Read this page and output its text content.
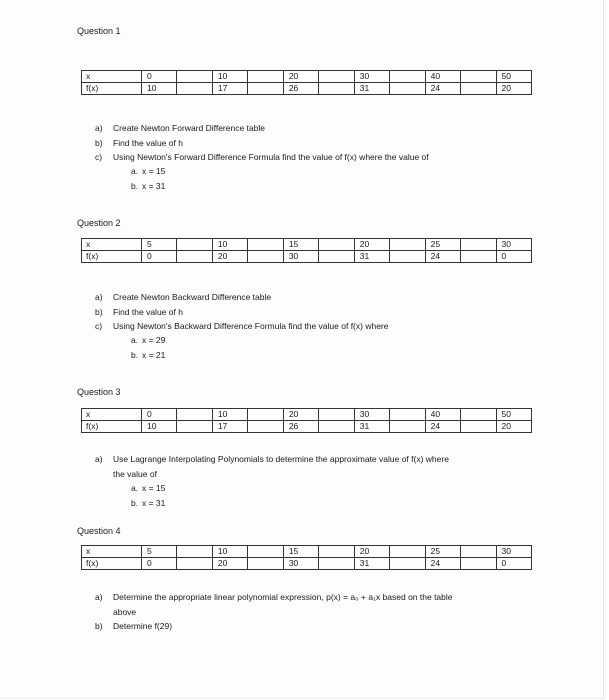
Question 1
x	0		10		20		30		40		50
f(x)	10		17		26		31		24		20
a) Create Newton Forward Difference table
b) Find the value of h
c) Using Newton's Forward Difference Formula find the value of f(x) where the value of
a. x = 15
b. x = 31
Question 2
x	5		10		15		20		25		30
f(x)	0		20		30		31		24		0
a) Create Newton Backward Difference table
b) Find the value of h
c) Using Newton's Backward Difference Formula find the value of f(x) where
a. x = 29
b. x = 21
Question 3
x	0		10		20		30		40		50
f(x)	10		17		26		31		24		20
a) Use Lagrange Interpolating Polynomials to determine the approximate value of f(x) where
the value of
a. x = 15
b. x = 31
Question 4
x	5		10		15		20		25		30
f(x)	0		20		30		31		24		0
a) Determine the appropriate linear polynomial expression, p(x) = a₀ + a₁x based on the table
above
b) Determine f(29)
